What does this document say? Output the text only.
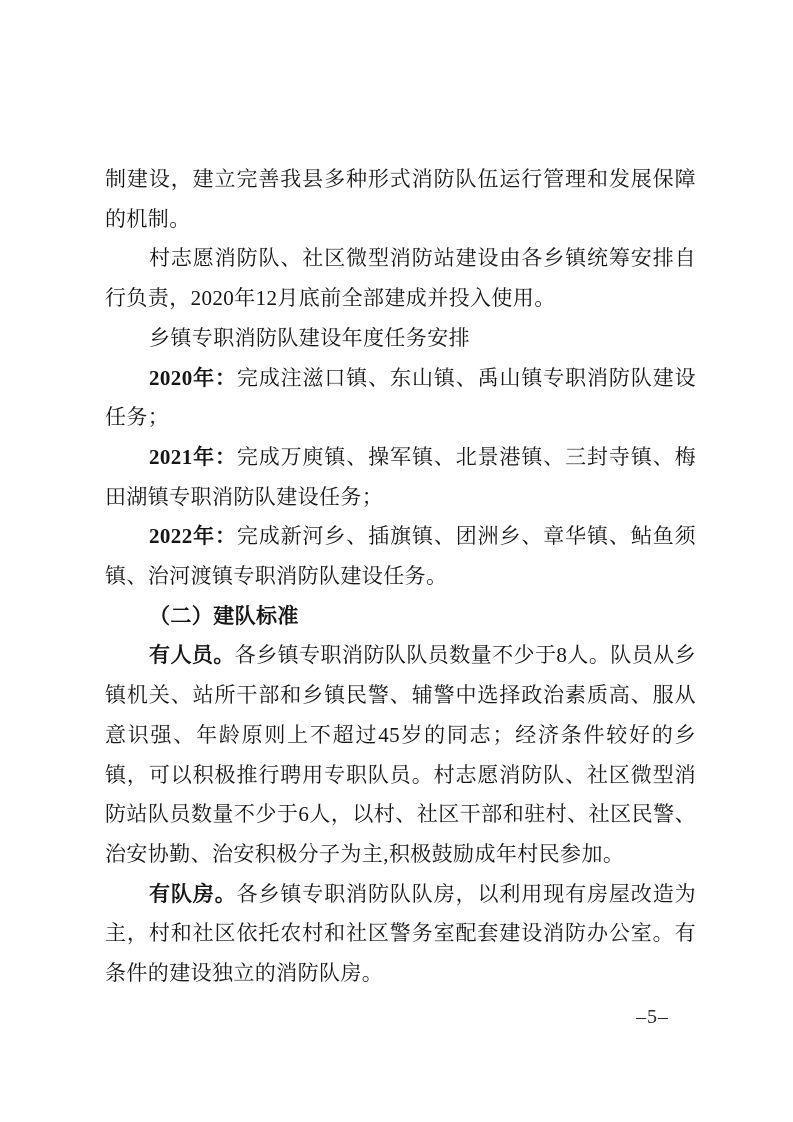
制建设，建立完善我县多种形式消防队伍运行管理和发展保障的机制。

村志愿消防队、社区微型消防站建设由各乡镇统筹安排自行负责，2020年12月底前全部建成并投入使用。

乡镇专职消防队建设年度任务安排

2020年：完成注滋口镇、东山镇、禹山镇专职消防队建设任务；

2021年：完成万庾镇、操军镇、北景港镇、三封寺镇、梅田湖镇专职消防队建设任务；

2022年：完成新河乡、插旗镇、团洲乡、章华镇、鲇鱼须镇、治河渡镇专职消防队建设任务。

（二）建队标准

有人员。各乡镇专职消防队队员数量不少于8人。队员从乡镇机关、站所干部和乡镇民警、辅警中选择政治素质高、服从意识强、年龄原则上不超过45岁的同志；经济条件较好的乡镇，可以积极推行聘用专职队员。村志愿消防队、社区微型消防站队员数量不少于6人，以村、社区干部和驻村、社区民警、治安协勤、治安积极分子为主,积极鼓励成年村民参加。

有队房。各乡镇专职消防队队房，以利用现有房屋改造为主，村和社区依托农村和社区警务室配套建设消防办公室。有条件的建设独立的消防队房。

–5–
